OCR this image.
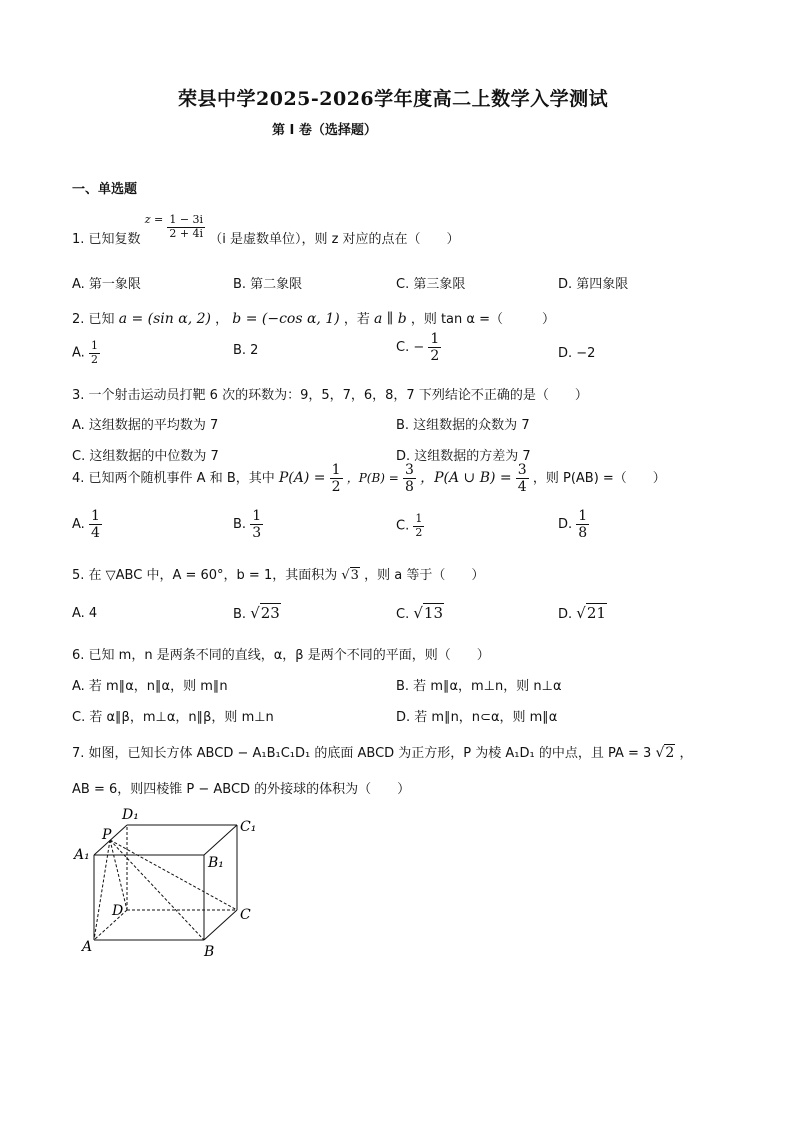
荣县中学2025-2026学年度高二上数学入学测试
第 I 卷（选择题）
一、单选题
1. 已知复数 $^{z =} \frac{1 - 3i}{2 + 4i} (i$ 是虚数单位），则 z 对应的点在（　　）
A. 第一象限	B. 第二象限	C. 第三象限	D. 第四象限
2. 已知 a = (sin α, 2) ， b = (−cos α, 1) ，若 a ∥ b ，则 tan α =（　　　）
A. $\frac{1}{2}$	B. 2	C. − $\frac{1}{2}$	D. −2
3. 一个射击运动员打靶 6 次的环数为：9，5，7，6，8，7 下列结论不正确的是（　　）
A. 这组数据的平均数为 7	B. 这组数据的众数为 7
C. 这组数据的中位数为 7	D. 这组数据的方差为 7
4. 已知两个随机事件 A 和 B，其中 $P(A) = \frac{1}{2}$ ，$P(B) = \frac{3}{8}$ ，P(A ∪ $B) = \frac{3}{4}$ ，则 P(AB) =（　　）
A. $\frac{1}{4}$	B. $\frac{1}{3}$	C. $\frac{1}{2}$	D. $\frac{1}{8}$
5. 在 ▽ABC 中，A = 60°，b = 1，其面积为 √3 ，则 a 等于（　　）
A. 4	B. √23	C. √13	D. √21
6. 已知 m，n 是两条不同的直线，α，β 是两个不同的平面，则（　　）
A. 若 m∥α，n∥α，则 m∥n	B. 若 m∥α，m⊥n，则 n⊥α
C. 若 α∥β，m⊥α，n∥β，则 m⊥n	D. 若 m∥n，n⊂α，则 m∥α
7. 如图，已知长方体 ABCD − A₁B₁C₁D₁ 的底面 ABCD 为正方形，P 为棱 A₁D₁ 的中点，且 PA = 3 √2 ，
AB = 6，则四棱锥 P − ABCD 的外接球的体积为（　　）
D₁
C₁
P
A₁	B₁
D	C
A	B
